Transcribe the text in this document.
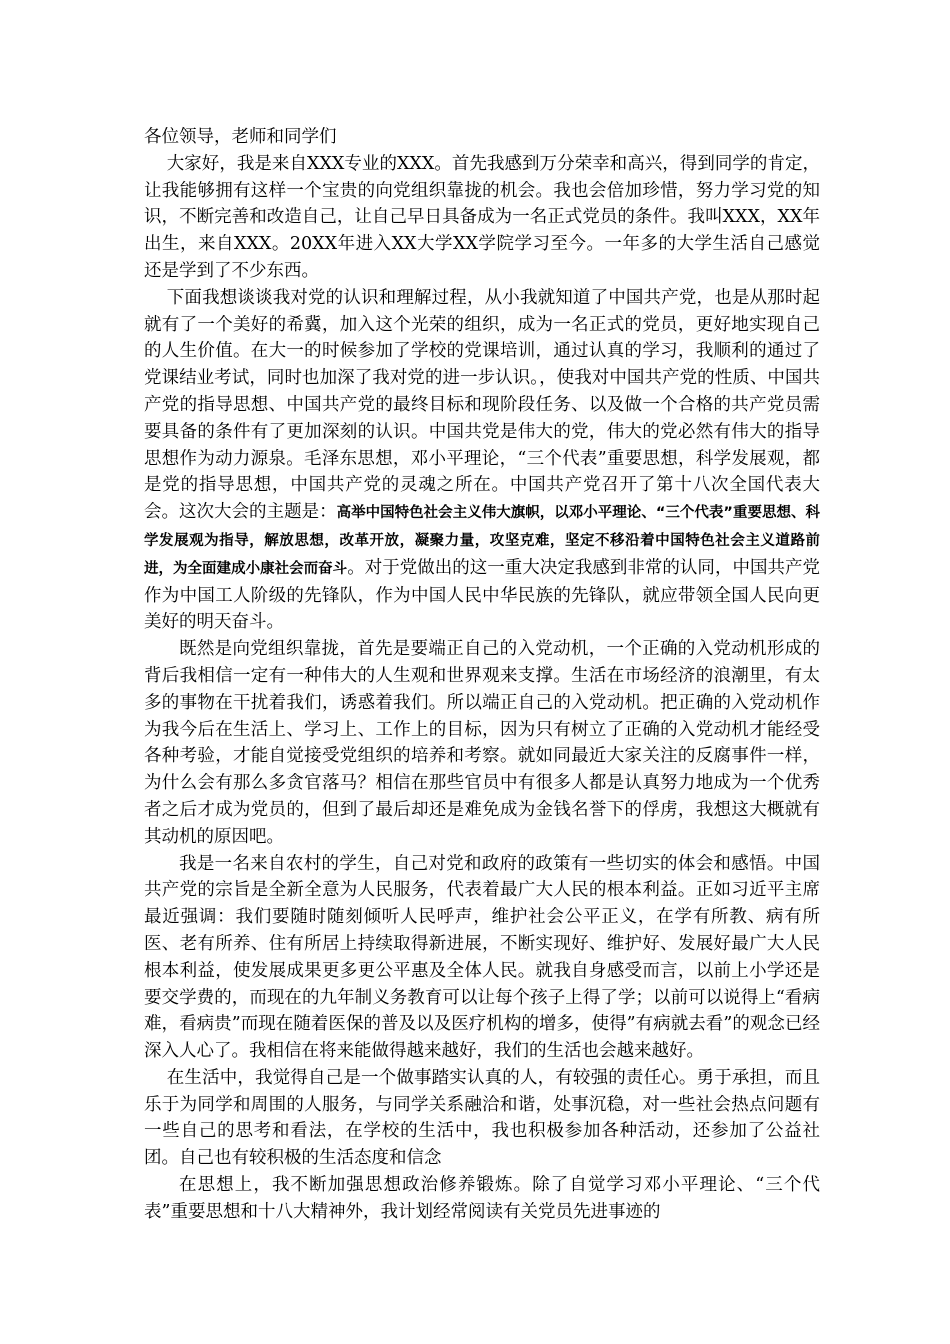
各位领导，老师和同学们

大家好，我是来自XXX专业的XXX。首先我感到万分荣幸和高兴，得到同学的肯定，让我能够拥有这样一个宝贵的向党组织靠拢的机会。我也会倍加珍惜，努力学习党的知识，不断完善和改造自己，让自己早日具备成为一名正式党员的条件。我叫XXX，XX年出生，来自XXX。20XX年进入XX大学XX学院学习至今。一年多的大学生活自己感觉还是学到了不少东西。

下面我想谈谈我对党的认识和理解过程，从小我就知道了中国共产党，也是从那时起就有了一个美好的希冀，加入这个光荣的组织，成为一名正式的党员，更好地实现自己的人生价值。在大一的时候参加了学校的党课培训，通过认真的学习，我顺利的通过了党课结业考试，同时也加深了我对党的进一步认识。，使我对中国共产党的性质、中国共产党的指导思想、中国共产党的最终目标和现阶段任务、以及做一个合格的共产党员需要具备的条件有了更加深刻的认识。中国共党是伟大的党，伟大的党必然有伟大的指导思想作为动力源泉。毛泽东思想，邓小平理论，“三个代表”重要思想，科学发展观，都是党的指导思想，中国共产党的灵魂之所在。中国共产党召开了第十八次全国代表大会。这次大会的主题是：高举中国特色社会主义伟大旗帜，以邓小平理论、“三个代表”重要思想、科学发展观为指导，解放思想，改革开放，凝聚力量，攻坚克难，坚定不移沿着中国特色社会主义道路前进，为全面建成小康社会而奋斗。对于党做出的这一重大决定我感到非常的认同，中国共产党作为中国工人阶级的先锋队，作为中国人民中华民族的先锋队，就应带领全国人民向更美好的明天奋斗。

既然是向党组织靠拢，首先是要端正自己的入党动机，一个正确的入党动机形成的背后我相信一定有一种伟大的人生观和世界观来支撑。生活在市场经济的浪潮里，有太多的事物在干扰着我们，诱惑着我们。所以端正自己的入党动机。把正确的入党动机作为我今后在生活上、学习上、工作上的目标，因为只有树立了正确的入党动机才能经受各种考验，才能自觉接受党组织的培养和考察。就如同最近大家关注的反腐事件一样，为什么会有那么多贪官落马？相信在那些官员中有很多人都是认真努力地成为一个优秀者之后才成为党员的，但到了最后却还是难免成为金钱名誉下的俘虏，我想这大概就有其动机的原因吧。

我是一名来自农村的学生，自己对党和政府的政策有一些切实的体会和感悟。中国共产党的宗旨是全新全意为人民服务，代表着最广大人民的根本利益。正如习近平主席最近强调：我们要随时随刻倾听人民呼声，维护社会公平正义，在学有所教、病有所医、老有所养、住有所居上持续取得新进展，不断实现好、维护好、发展好最广大人民根本利益，使发展成果更多更公平惠及全体人民。就我自身感受而言，以前上小学还是要交学费的，而现在的九年制义务教育可以让每个孩子上得了学；以前可以说得上“看病难，看病贵”而现在随着医保的普及以及医疗机构的增多，使得”有病就去看”的观念已经深入人心了。我相信在将来能做得越来越好，我们的生活也会越来越好。

在生活中，我觉得自己是一个做事踏实认真的人，有较强的责任心。勇于承担，而且乐于为同学和周围的人服务，与同学关系融洽和谐，处事沉稳，对一些社会热点问题有一些自己的思考和看法，在学校的生活中，我也积极参加各种活动，还参加了公益社团。自己也有较积极的生活态度和信念

在思想上，我不断加强思想政治修养锻炼。除了自觉学习邓小平理论、“三个代表”重要思想和十八大精神外，我计划经常阅读有关党员先进事迹的
